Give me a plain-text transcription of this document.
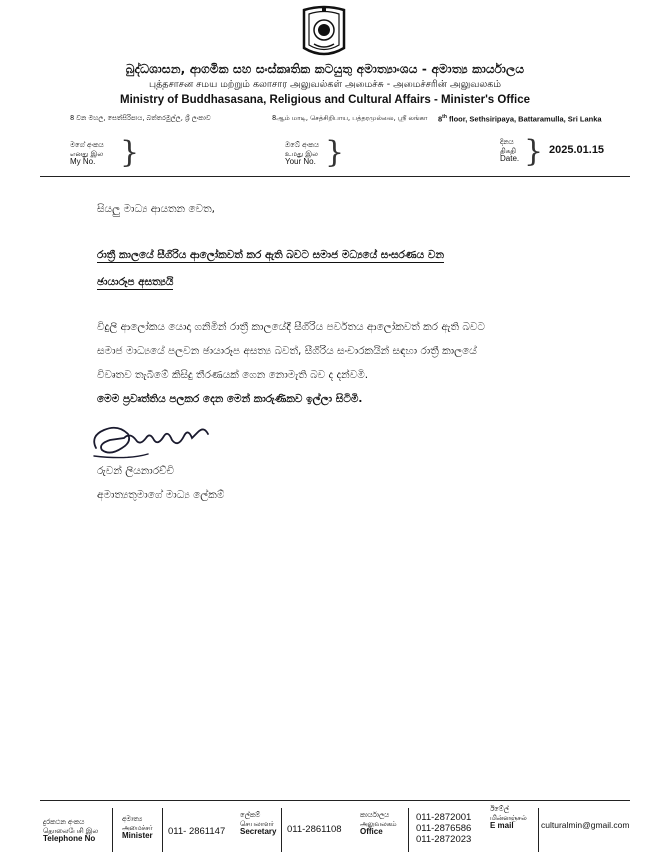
බුද්ධශාසන, ආගමික සහ සංස්කෘතික කටයුතු අමාත්‍යාංශය - අමාත්‍ය කාර්යාලය
புத்தசாசன சமய மற்றும் கலாசார அலுவல்கள் அமைச்சு - அமைச்சரின் அலுவலகம்
Ministry of Buddhasasana, Religious and Cultural Affairs - Minister's Office
8 වන මහල, සෙත්සිරිපාය, බත්තරමුල්ල, ශ්‍රී ලංකාව	8ஆம் மாடி, செத்சிறிபாய, பத்தரமுல்லை, ஸ்ரீ லங்கா 8th floor, Sethsiripaya, Battaramulla, Sri Lanka
මගේ අංකය
எனது இல
My No. }	ඔබේ අංකය
உமது இல
Your No. }	දිනය
திகதி
Date. } 2025.01.15
සියලු මාධ්‍ය ආයතන වෙත,
රාත්‍රී කාලයේ සීගිරිය ආලෝකවත් කර ඇති බවට සමාජ මධ්‍යයේ සංසරණය වන
ඡායාරූප අසත්‍යයි
විදුලි ආලෝකය යොදා ගනිමින් රාත්‍රී කාලයේදී සීගිරිය පර්වතය ආලෝකවත් කර ඇති බවට
සමාජ මාධ්‍යයේ පලවන ඡායාරූප අසත්‍ය බවත්, සීගිරිය සංචාරකයින් සඳහා රාත්‍රී කාලයේ
විවෘතව තැබීමේ කිසිදු තීරණයක් ගෙන නොමැති බව ද දන්වමි.
මෙම ප්‍රවෘත්තිය පලකර දෙන මෙන් කාරුණිකව ඉල්ලා සිටිමි.
රුවන් ලියනාරච්චි
අමාත්‍යතුමාගේ මාධ්‍ය ලේකම්
දුරකථන අංකය
தொலைபேசி இல
Telephone No
අමාත්‍ය
அமைச்சர்
Minister 011- 2861147
ලේකම්
செயலாளர்
Secretary 011-2861108
කාර්යාලය
அலுவலகம்
Office
011-2872001
011-2876586
011-2872023
ඊමේල්
மின்னஞ்சல்
E mail	culturalmin@gmail.com
